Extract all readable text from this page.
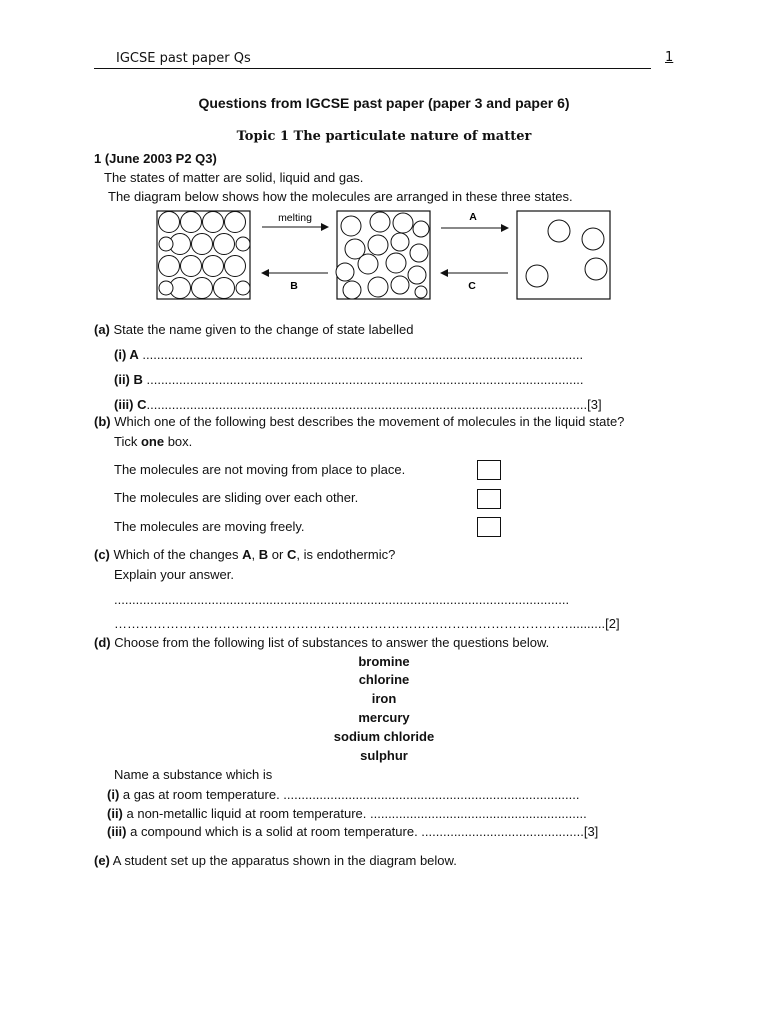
IGCSE past paper Qs	1
Questions from IGCSE past paper (paper 3 and paper 6)
Topic 1 The particulate nature of matter
1 (June 2003 P2 Q3)
The states of matter are solid, liquid and gas.
The diagram below shows how the molecules are arranged in these three states.
melting
B
A
C
(a) State the name given to the change of state labelled
(i) A ..........................................................................................................................
(ii) B .........................................................................................................................
(iii) C..........................................................................................................................[3]
(b) Which one of the following best describes the movement of molecules in the liquid state?
Tick one box.
The molecules are not moving from place to place.
The molecules are sliding over each other.
The molecules are moving freely.
(c) Which of the changes A, B or C, is endothermic?
Explain your answer.
..............................................................................................................................
……………………………………………………………………………………………..........[2]
(d) Choose from the following list of substances to answer the questions below.
bromine
chlorine
iron
mercury
sodium chloride
sulphur
Name a substance which is
(i) a gas at room temperature. ..................................................................................
(ii) a non-metallic liquid at room temperature. ............................................................
(iii) a compound which is a solid at room temperature. .............................................[3]
(e) A student set up the apparatus shown in the diagram below.
